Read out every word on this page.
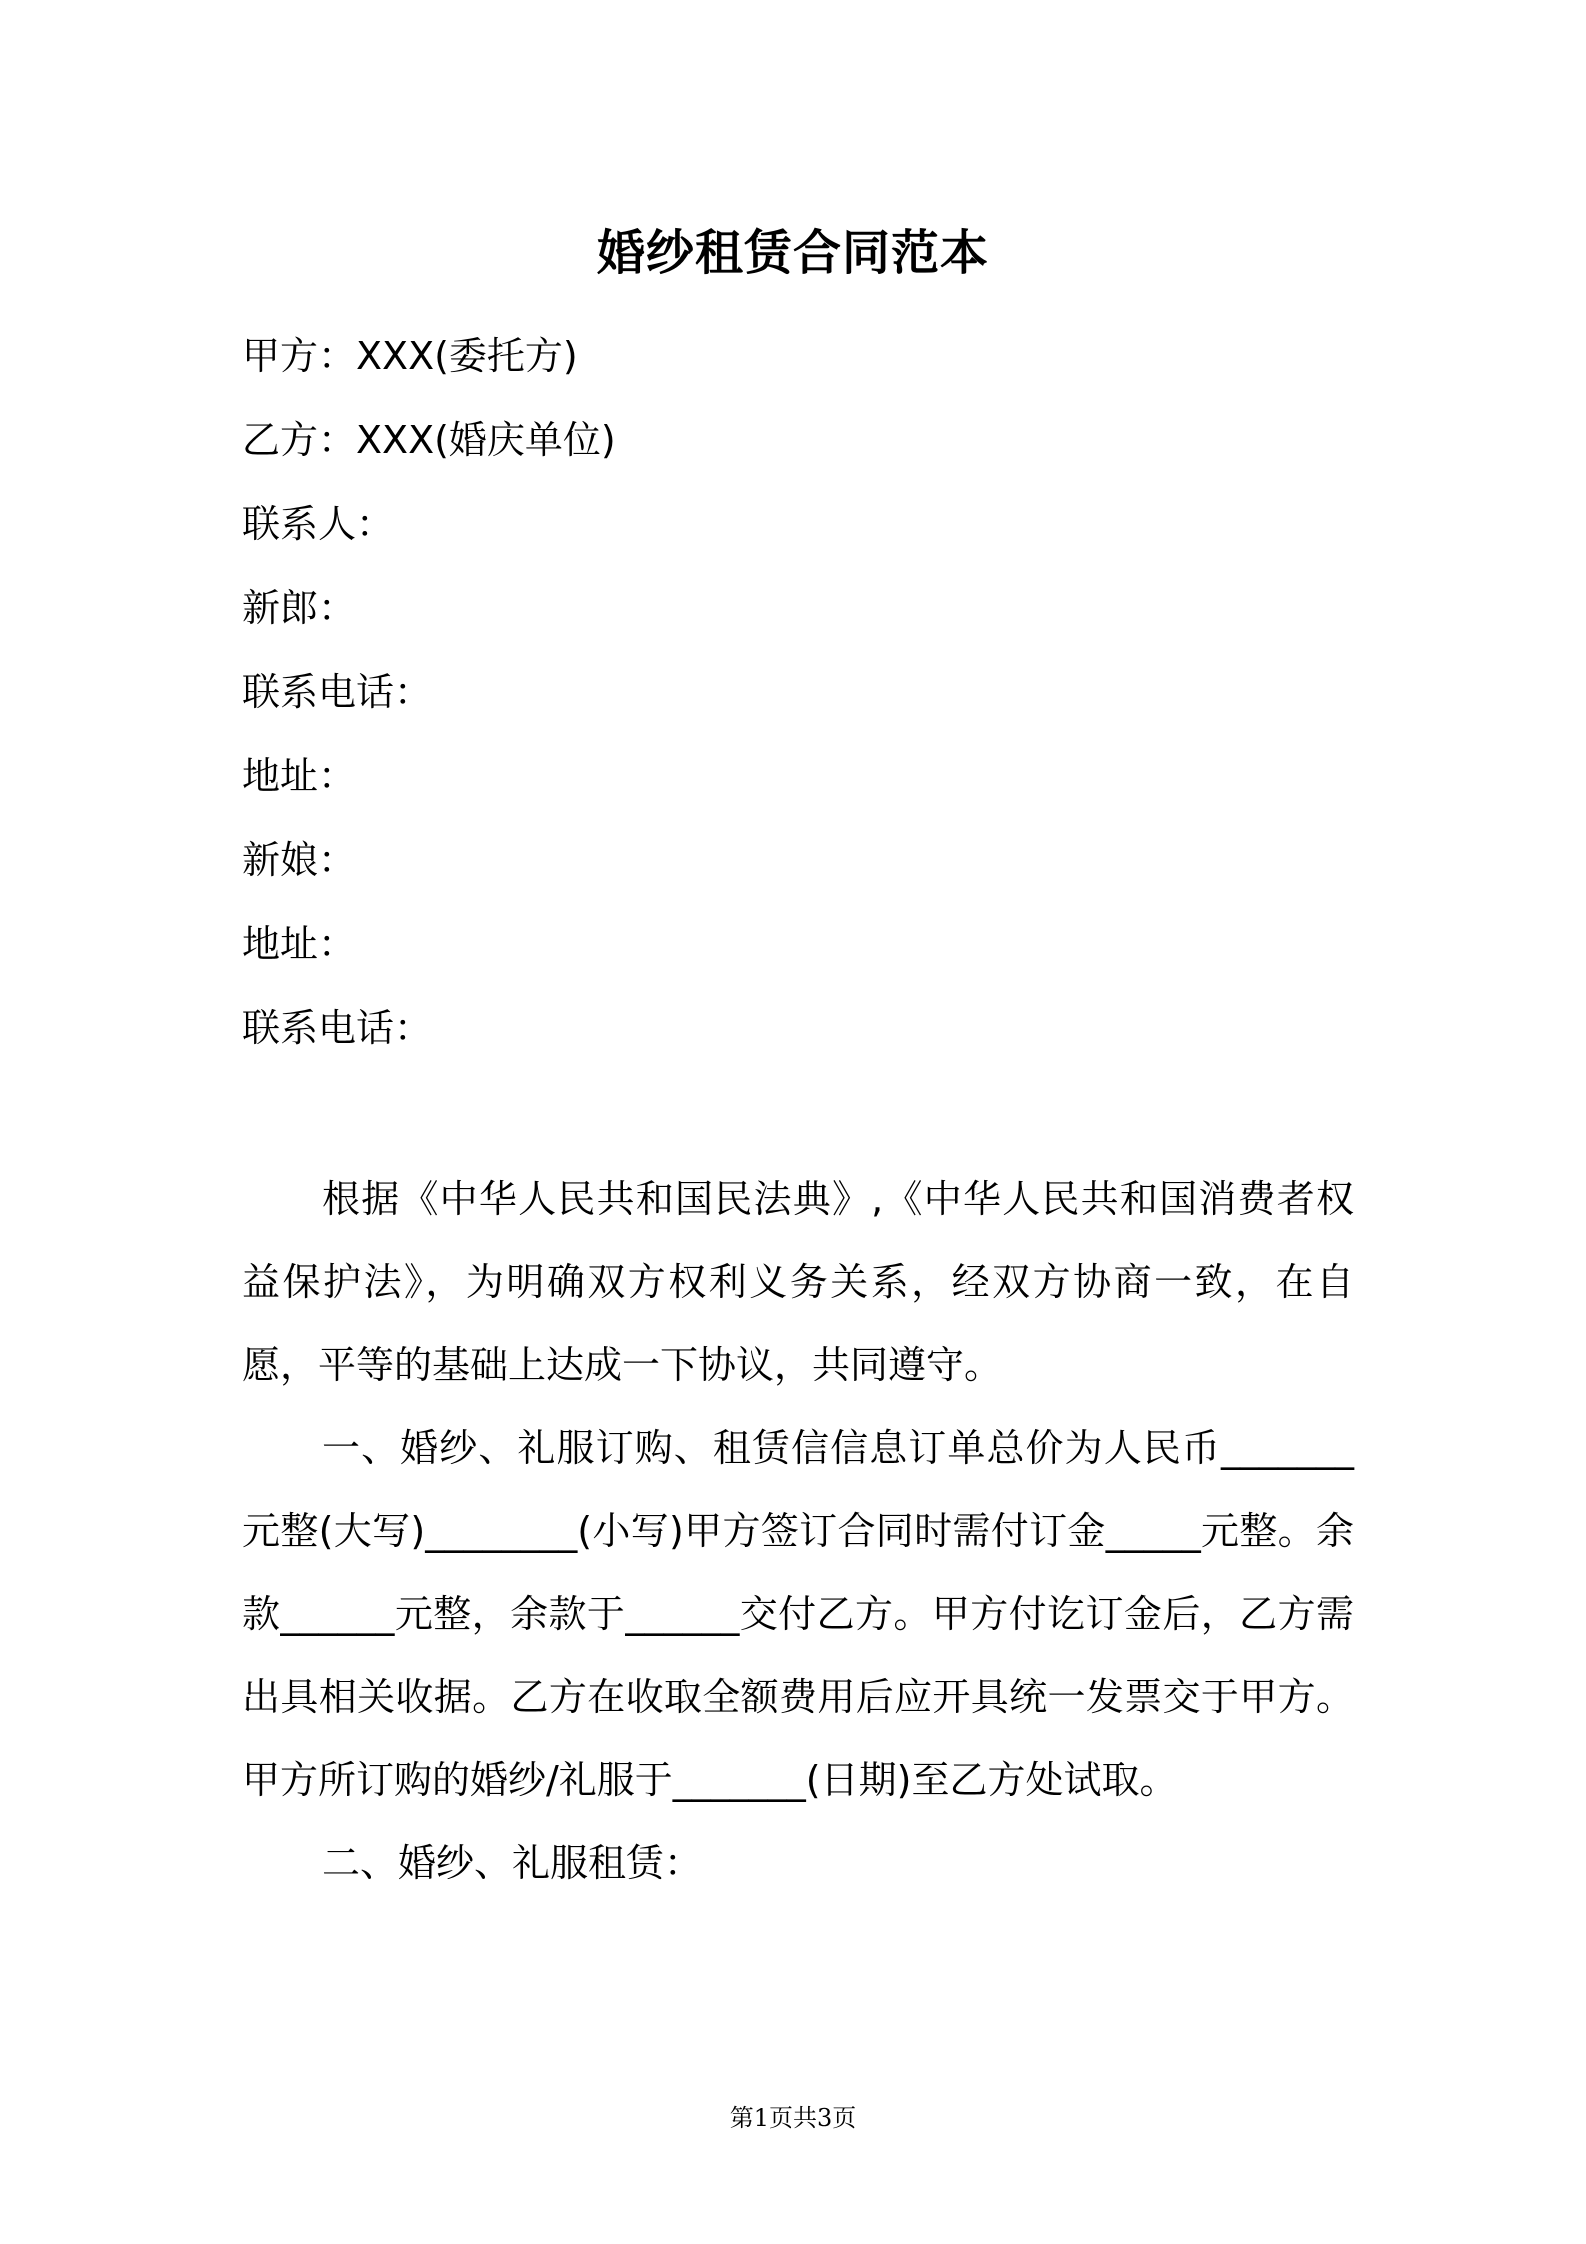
婚纱租赁合同范本
甲方：XXX(委托方)
乙方：XXX(婚庆单位)
联系人：
新郎：
联系电话：
地址：
新娘：
地址：
联系电话：

根据《中华人民共和国民法典》,《中华人民共和国消费者权益保护法》，为明确双方权利义务关系，经双方协商一致，在自愿，平等的基础上达成一下协议，共同遵守。

一、婚纱、礼服订购、租赁信信息订单总价为人民币_______元整(大写)________(小写)甲方签订合同时需付订金_____元整。余款______元整，余款于______交付乙方。甲方付讫订金后，乙方需出具相关收据。乙方在收取全额费用后应开具统一发票交于甲方。甲方所订购的婚纱/礼服于_______(日期)至乙方处试取。

二、婚纱、礼服租赁：

第1页共3页
